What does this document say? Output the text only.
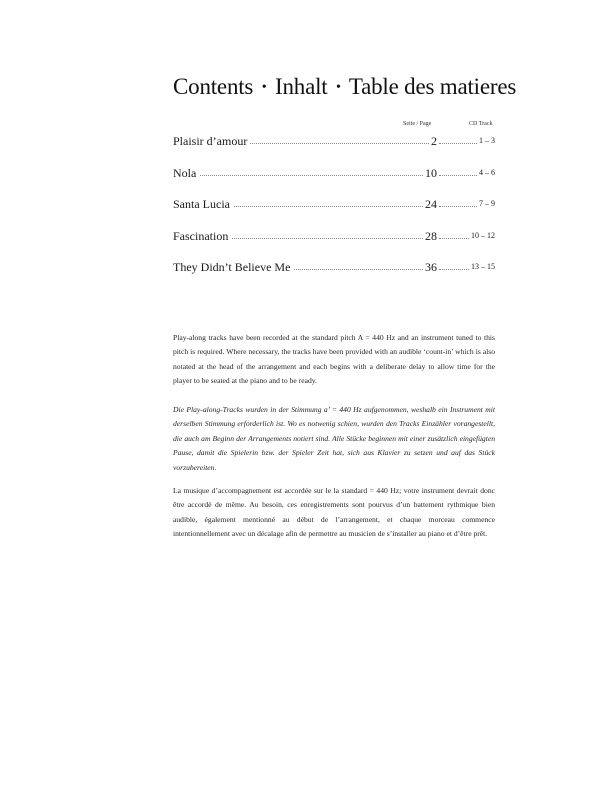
Contents • Inhalt • Table des matieres
Seite / Page	CD Track
Plaisir d’amour	2	1 – 3
Nola	10	4 – 6
Santa Lucia	24	7 – 9
Fascination	28	10 – 12
They Didn’t Believe Me	36	13 – 15

Play-along tracks have been recorded at the standard pitch A = 440 Hz and an instrument tuned to this pitch is required. Where necessary, the tracks have been provided with an audible ‘count-in’ which is also notated at the head of the arrangement and each begins with a deliberate delay to allow time for the player to be seated at the piano and to be ready.

Die Play-along-Tracks wurden in der Stimmung a’ = 440 Hz aufgenommen, weshalb ein Instrument mit derselben Stimmung erforderlich ist. Wo es notwenig schien, wurden den Tracks Einzähler vorangestellt, die auch am Beginn der Arrangements notiert sind. Alle Stücke beginnen mit einer zusätzlich eingefügten Pause, damit die Spielerin bzw. der Spieler Zeit hat, sich aus Klavier zu setzen und auf das Stück vorzubereiten.

La musique d’accompagnement est accordée sur le la standard = 440 Hz; votre instrument devrait donc être accordé de même. Au besoin, ces enregistrements sont pourvus d’un battement rythmique bien audible, également mentionné au début de l’arrangement, et chaque morceau commence intentionnellement avec un décalage afin de permettre au musicien de s’installer au piano et d’être prêt.
